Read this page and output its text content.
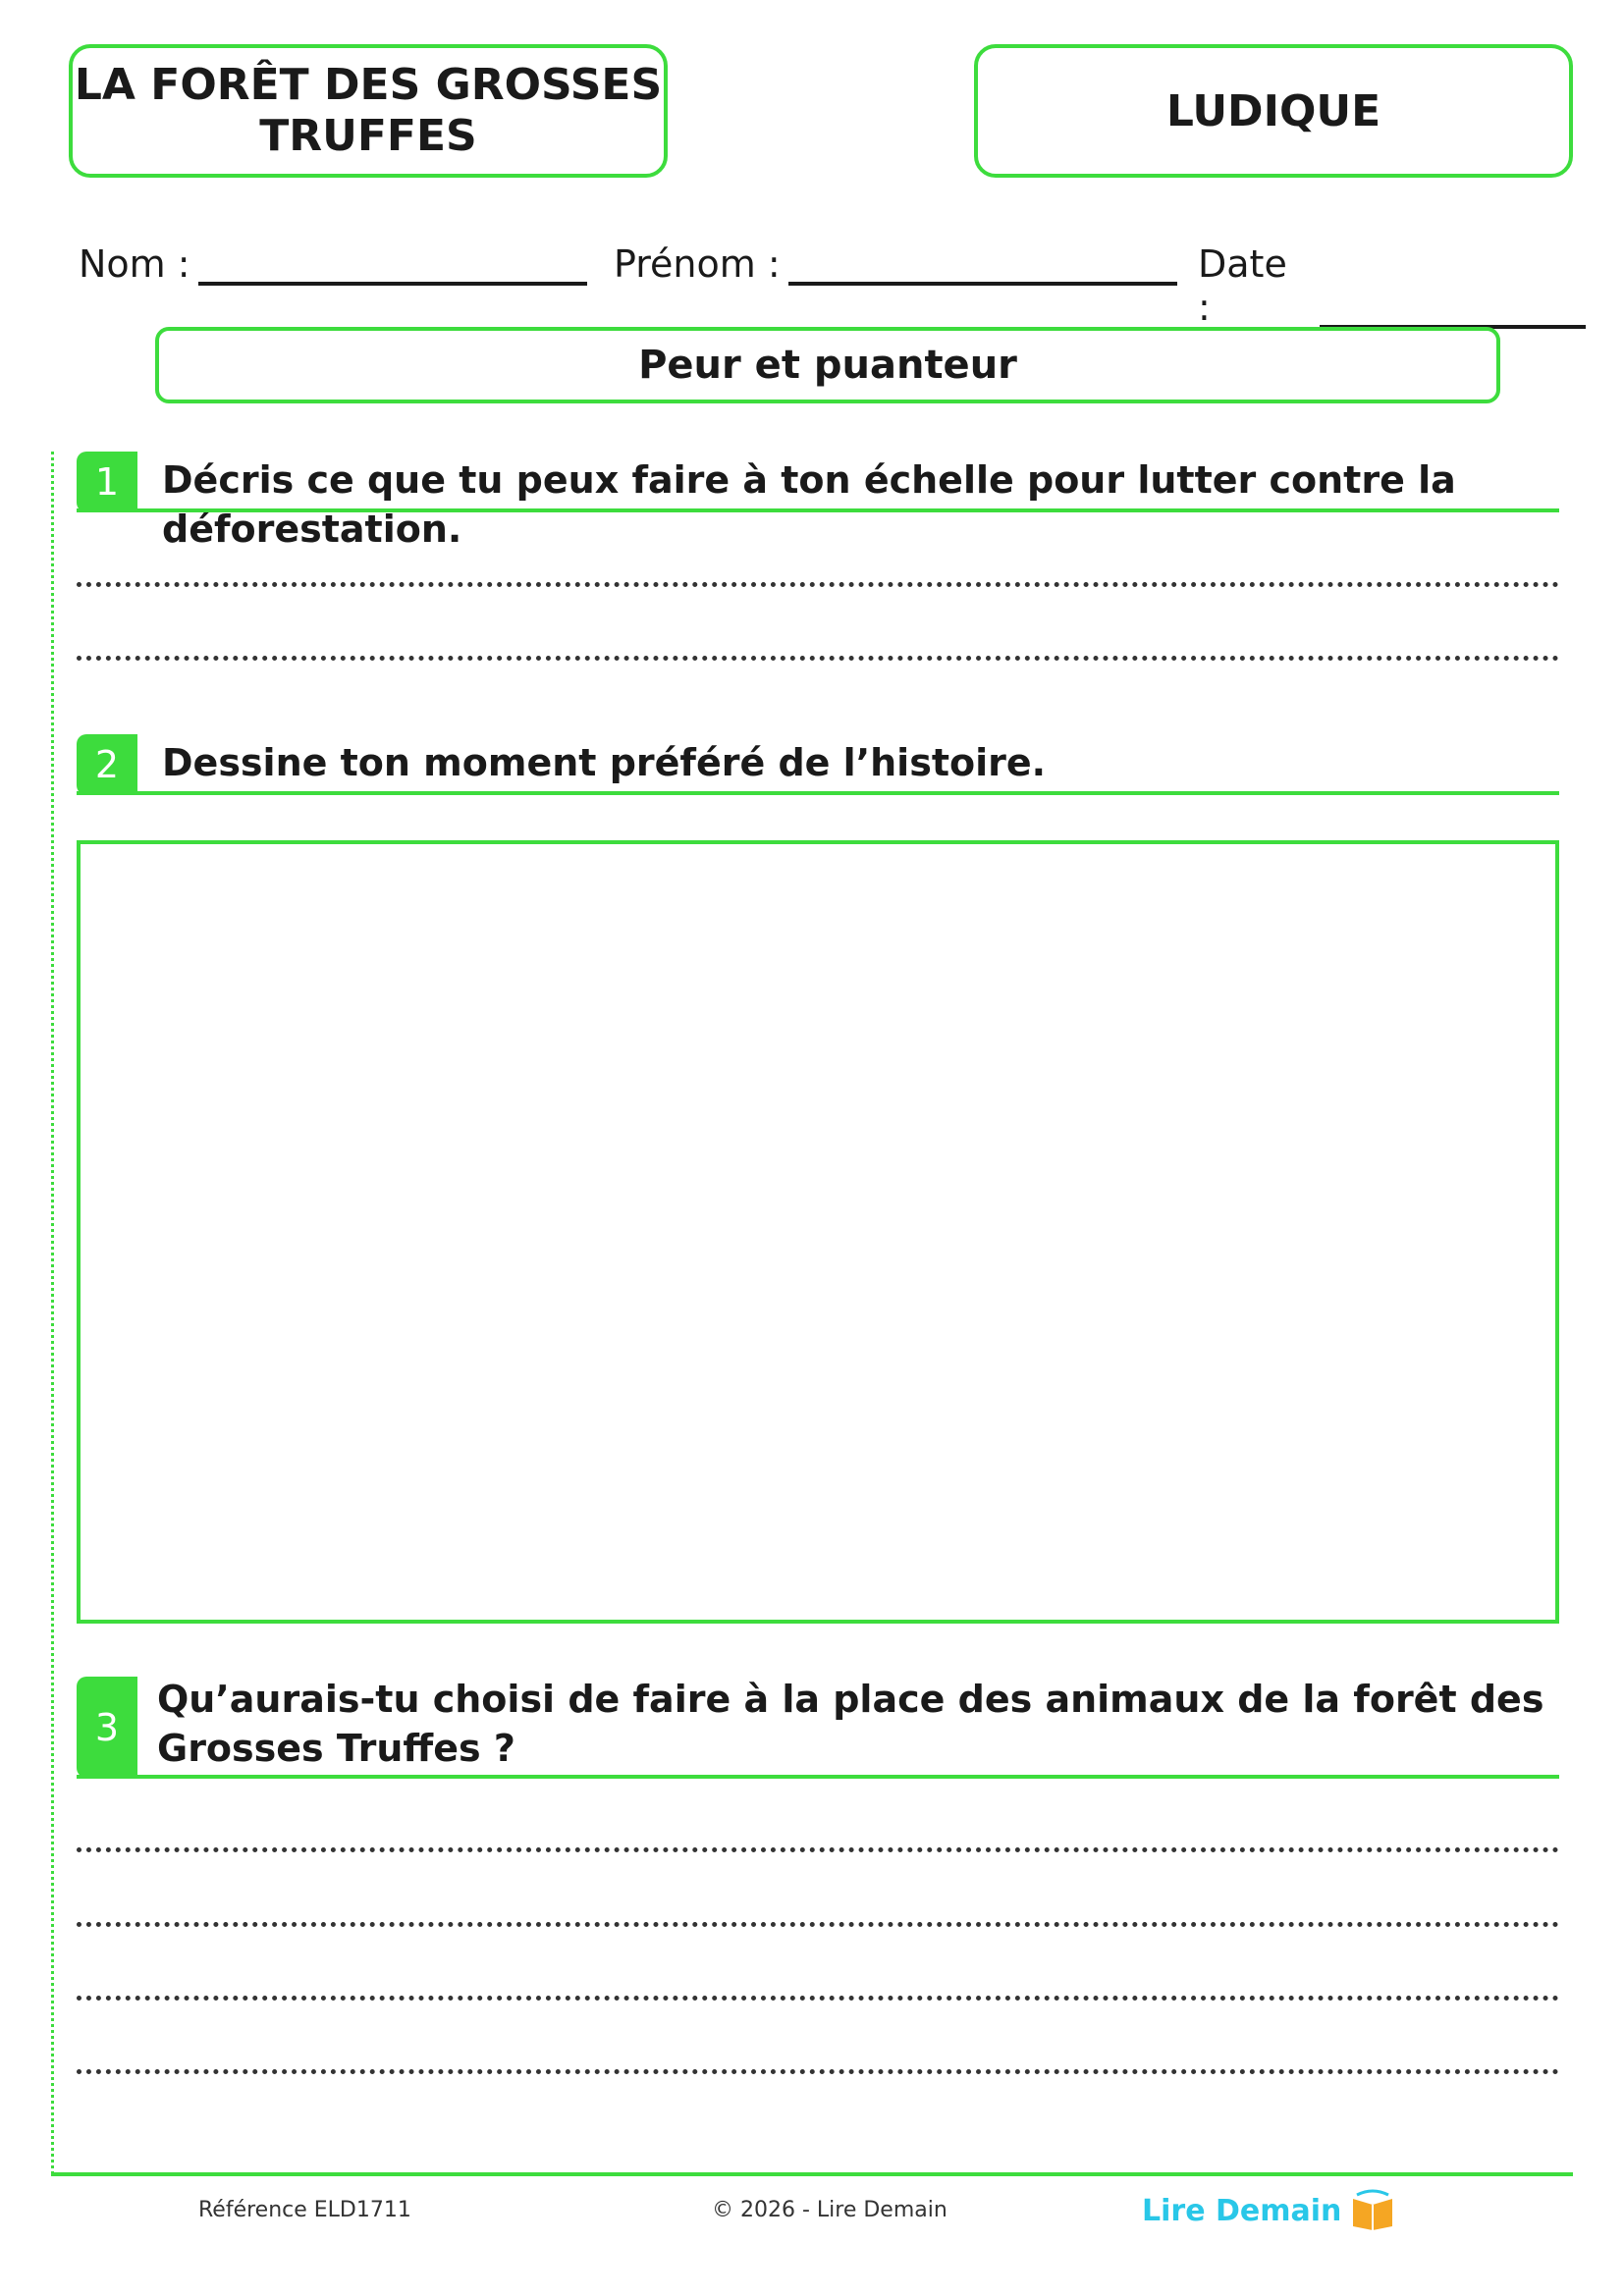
LA FORÊT DES GROSSES
TRUFFES	LUDIQUE
Nom :	Prénom :	Date :
Peur et puanteur
1 Décris ce que tu peux faire à ton échelle pour lutter contre la déforestation.
2 Dessine ton moment préféré de l’histoire.
3
Qu’aurais-tu choisi de faire à la place des animaux de la forêt des
Grosses Truffes ?
Référence ELD1711	© 2026 - Lire Demain	Lire Demain
